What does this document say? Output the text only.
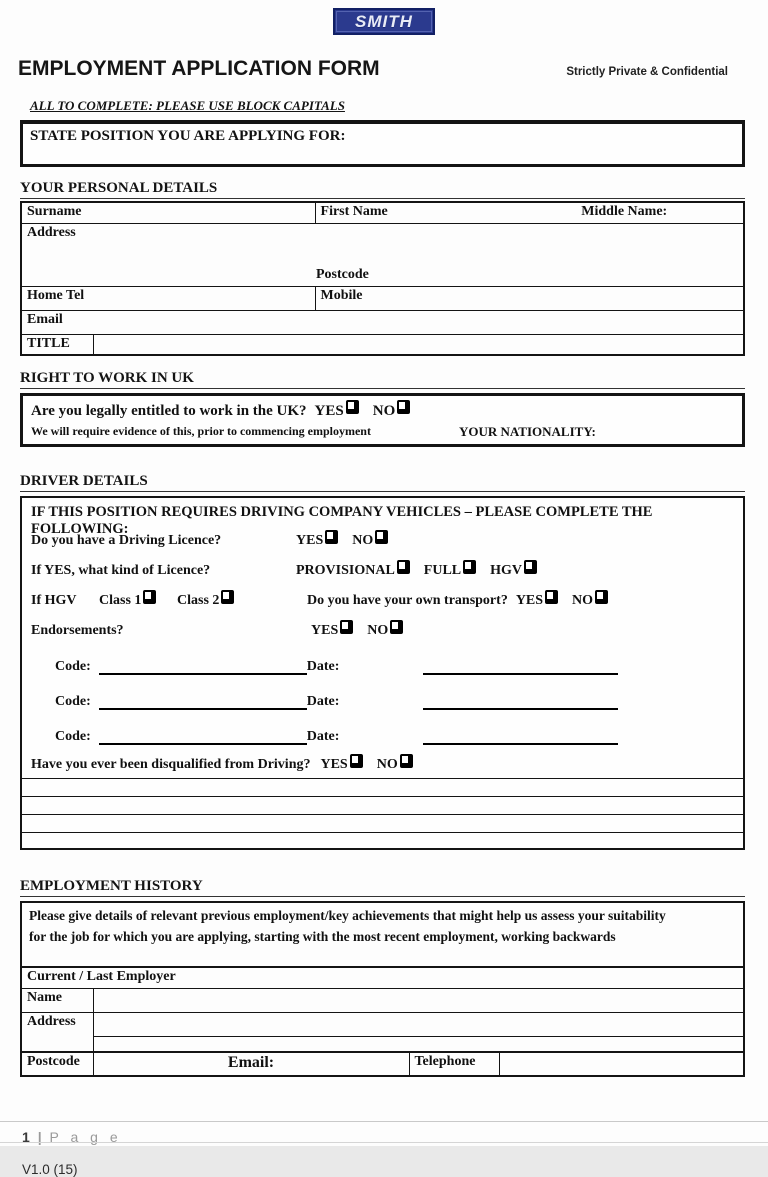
SMITH
EMPLOYMENT APPLICATION FORM	Strictly Private & Confidential
ALL TO COMPLETE: PLEASE USE BLOCK CAPITALS
STATE POSITION YOU ARE APPLYING FOR:
YOUR PERSONAL DETAILS
Surname		First Name Middle Name:
Address
Postcode		

Home Tel		Mobile
Email		
TITLE		
RIGHT TO WORK IN UK
Are you legally entitled to work in the UK? YES NO
We will require evidence of this, prior to commencing employment	YOUR NATIONALITY:
DRIVER DETAILS
IF THIS POSITION REQUIRES DRIVING COMPANY VEHICLES – PLEASE COMPLETE THE FOLLOWING:
Do you have a Driving Licence?	YES NO
If YES, what kind of Licence?	PROVISIONAL FULL HGV
If HGV	Class 1	Class 2	Do you have your own transport? YES NO
Endorsements?	YES NO
Code:	Date:
Code:	Date:
Code:	Date:
Have you ever been disqualified from Driving? YES NO
EMPLOYMENT HISTORY
Please give details of relevant previous employment/key achievements that might help us assess your suitability
for the job for which you are applying, starting with the most recent employment, working backwards			

Current / Last Employer			
Name			
Address			

Postcode	Email:	Telephone	
1 | P a g e
V1.0 (15)
